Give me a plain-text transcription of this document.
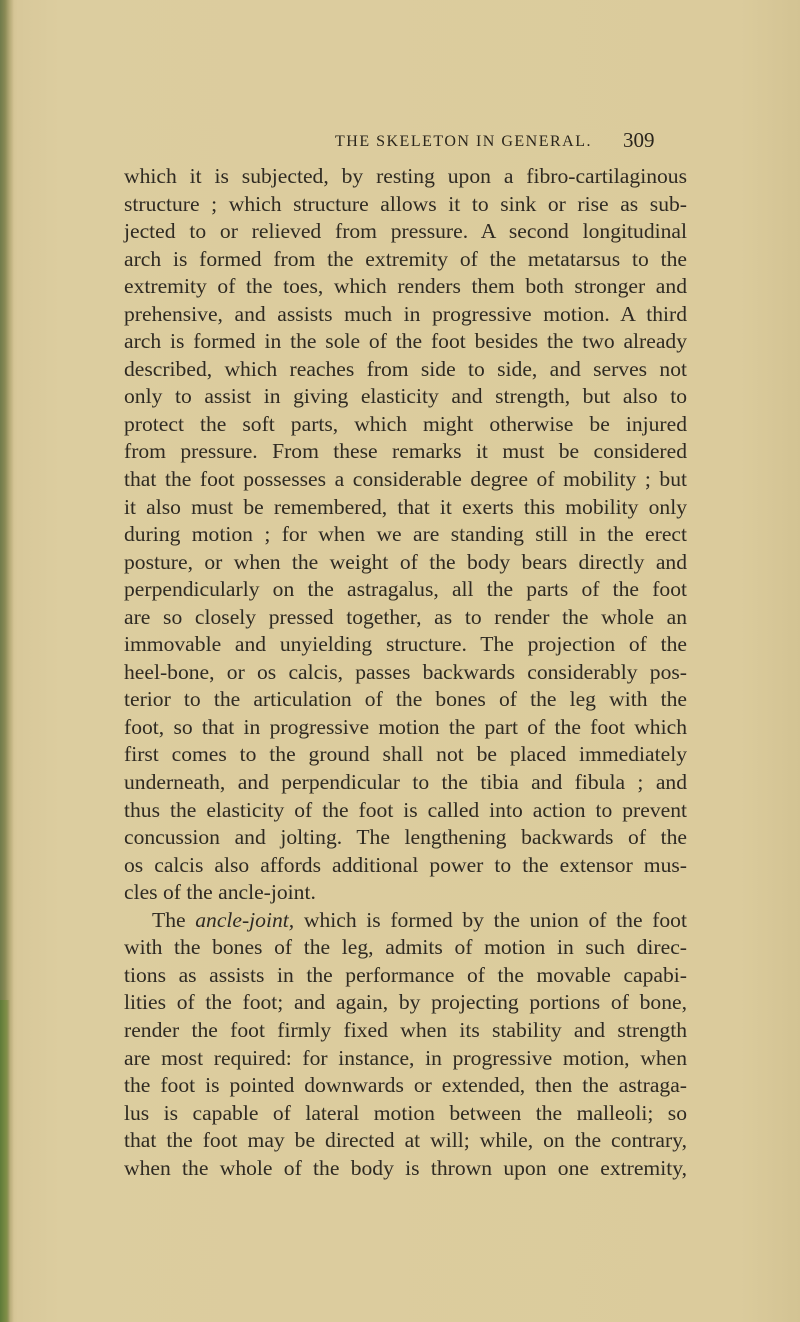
THE SKELETON IN GENERAL. 309
which it is subjected, by resting upon a fibro-cartilaginous
structure ; which structure allows it to sink or rise as sub-
jected to or relieved from pressure. A second longitudinal
arch is formed from the extremity of the metatarsus to the
extremity of the toes, which renders them both stronger and
prehensive, and assists much in progressive motion. A third
arch is formed in the sole of the foot besides the two already
described, which reaches from side to side, and serves not
only to assist in giving elasticity and strength, but also to
protect the soft parts, which might otherwise be injured
from pressure. From these remarks it must be considered
that the foot possesses a considerable degree of mobility ; but
it also must be remembered, that it exerts this mobility only
during motion ; for when we are standing still in the erect
posture, or when the weight of the body bears directly and
perpendicularly on the astragalus, all the parts of the foot
are so closely pressed together, as to render the whole an
immovable and unyielding structure. The projection of the
heel-bone, or os calcis, passes backwards considerably pos-
terior to the articulation of the bones of the leg with the
foot, so that in progressive motion the part of the foot which
first comes to the ground shall not be placed immediately
underneath, and perpendicular to the tibia and fibula ; and
thus the elasticity of the foot is called into action to prevent
concussion and jolting. The lengthening backwards of the
os calcis also affords additional power to the extensor mus-
cles of the ancle-joint.
The ancle-joint, which is formed by the union of the foot
with the bones of the leg, admits of motion in such direc-
tions as assists in the performance of the movable capabi-
lities of the foot; and again, by projecting portions of bone,
render the foot firmly fixed when its stability and strength
are most required: for instance, in progressive motion, when
the foot is pointed downwards or extended, then the astraga-
lus is capable of lateral motion between the malleoli; so
that the foot may be directed at will; while, on the contrary,
when the whole of the body is thrown upon one extremity,
